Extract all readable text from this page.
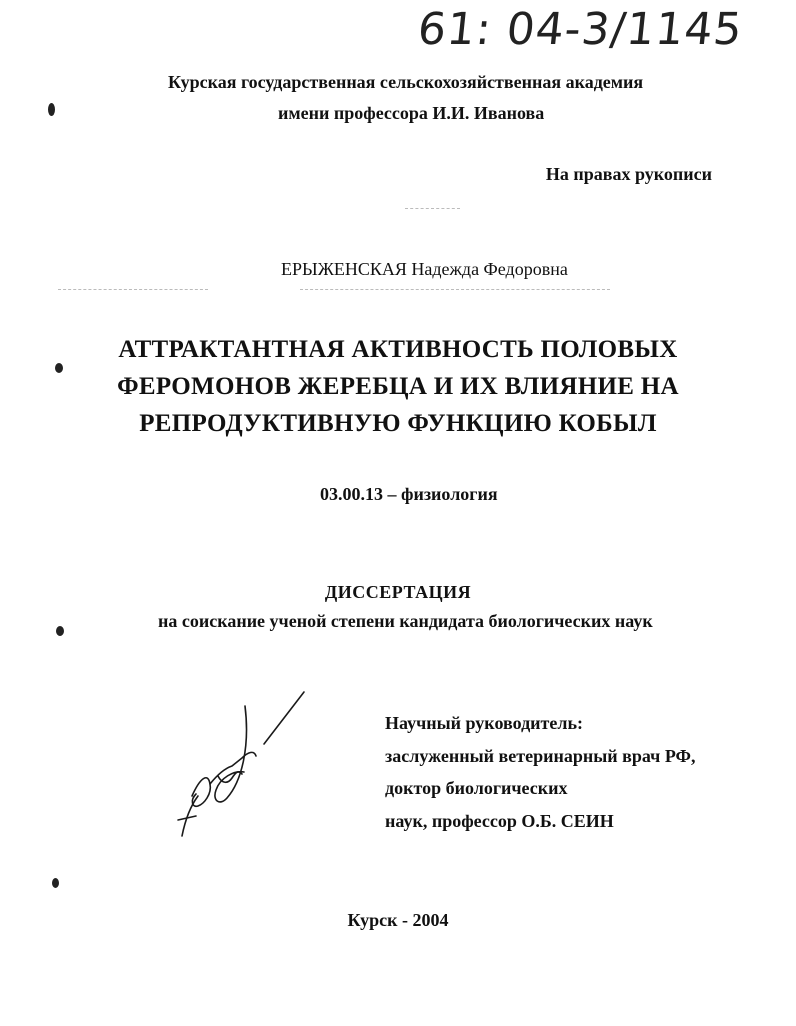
61: 04-3/1145

Курская государственная сельскохозяйственная академия

имени профессора И.И. Иванова

На правах рукописи

ЕРЫЖЕНСКАЯ Надежда Федоровна

АТТРАКТАНТНАЯ АКТИВНОСТЬ ПОЛОВЫХ
ФЕРОМОНОВ ЖЕРЕБЦА И ИХ ВЛИЯНИЕ НА
РЕПРОДУКТИВНУЮ ФУНКЦИЮ КОБЫЛ

03.00.13 – физиология

ДИССЕРТАЦИЯ

на соискание ученой степени кандидата биологических наук

Научный руководитель:
заслуженный ветеринарный врач РФ,
доктор биологических
наук, профессор О.Б. СЕИН

Курск - 2004
